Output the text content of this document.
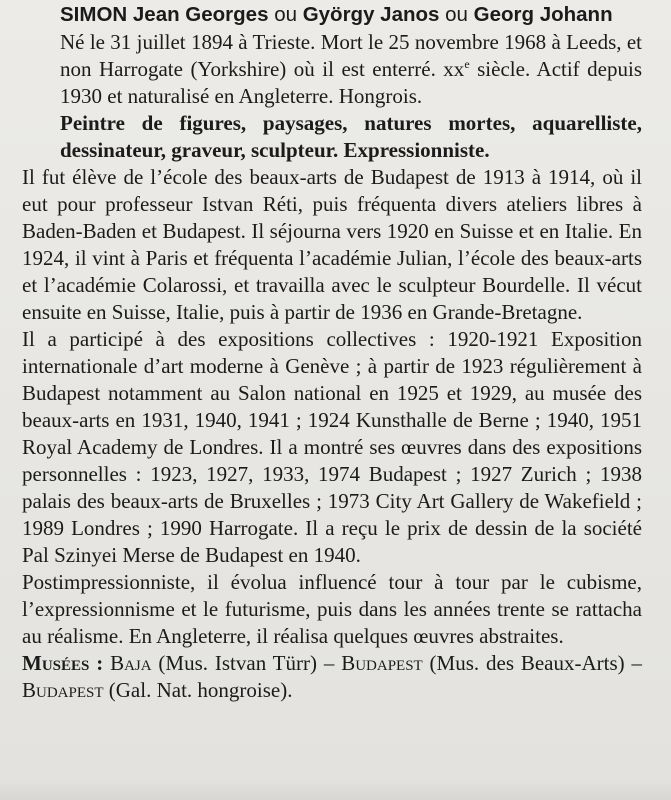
SIMON Jean Georges ou György Janos ou Georg Johann

Né le 31 juillet 1894 à Trieste. Mort le 25 novembre 1968 à Leeds, et non Harrogate (Yorkshire) où il est enterré. $xx^e$ siècle. Actif depuis 1930 et naturalisé en Angleterre. Hongrois.

Peintre de figures, paysages, natures mortes, aquarelliste, dessinateur, graveur, sculpteur. Expressionniste.

Il fut élève de l’école des beaux-arts de Budapest de 1913 à 1914, où il eut pour professeur Istvan Réti, puis fréquenta divers ateliers libres à Baden-Baden et Budapest. Il séjourna vers 1920 en Suisse et en Italie. En 1924, il vint à Paris et fréquenta l’académie Julian, l’école des beaux-arts et l’académie Colarossi, et travailla avec le sculpteur Bourdelle. Il vécut ensuite en Suisse, Italie, puis à partir de 1936 en Grande-Bretagne.

Il a participé à des expositions collectives : 1920-1921 Exposition internationale d’art moderne à Genève ; à partir de 1923 régulièrement à Budapest notamment au Salon national en 1925 et 1929, au musée des beaux-arts en 1931, 1940, 1941 ; 1924 Kunsthalle de Berne ; 1940, 1951 Royal Academy de Londres. Il a montré ses œuvres dans des expositions personnelles : 1923, 1927, 1933, 1974 Budapest ; 1927 Zurich ; 1938 palais des beaux-arts de Bruxelles ; 1973 City Art Gallery de Wakefield ; 1989 Londres ; 1990 Harrogate. Il a reçu le prix de dessin de la société Pal Szinyei Merse de Budapest en 1940.

Postimpressionniste, il évolua influencé tour à tour par le cubisme, l’expressionnisme et le futurisme, puis dans les années trente se rattacha au réalisme. En Angleterre, il réalisa quelques œuvres abstraites.

Musées : Baja (Mus. Istvan Türr) – Budapest (Mus. des Beaux-Arts) – Budapest (Gal. Nat. hongroise).
